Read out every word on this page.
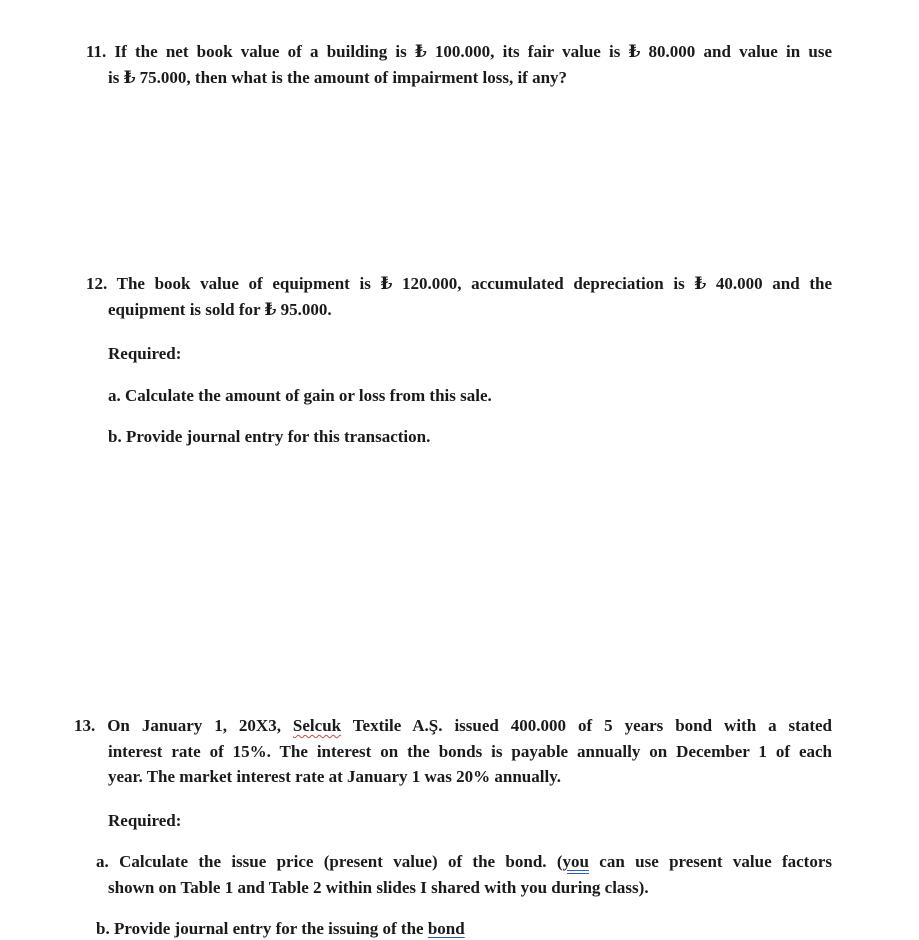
11. If the net book value of a building is ₺ 100.000, its fair value is ₺ 80.000 and value in use
is ₺ 75.000, then what is the amount of impairment loss, if any?
12. The book value of equipment is ₺ 120.000, accumulated depreciation is ₺ 40.000 and the
equipment is sold for ₺ 95.000.
Required:
a. Calculate the amount of gain or loss from this sale.
b. Provide journal entry for this transaction.
13. On January 1, 20X3, Selcuk Textile A.Ş. issued 400.000 of 5 years bond with a stated
interest rate of 15%. The interest on the bonds is payable annually on December 1 of each
year. The market interest rate at January 1 was 20% annually.
Required:
a. Calculate the issue price (present value) of the bond. (you can use present value factors
shown on Table 1 and Table 2 within slides I shared with you during class).
b. Provide journal entry for the issuing of the bond
